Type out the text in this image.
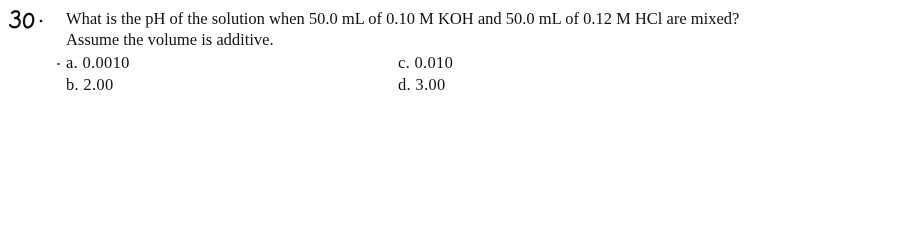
What is the pH of the solution when 50.0 mL of 0.10 M KOH and 50.0 mL of 0.12 M HCl are mixed?
Assume the volume is additive.
a. 0.0010
b. 2.00
c. 0.010
d. 3.00
